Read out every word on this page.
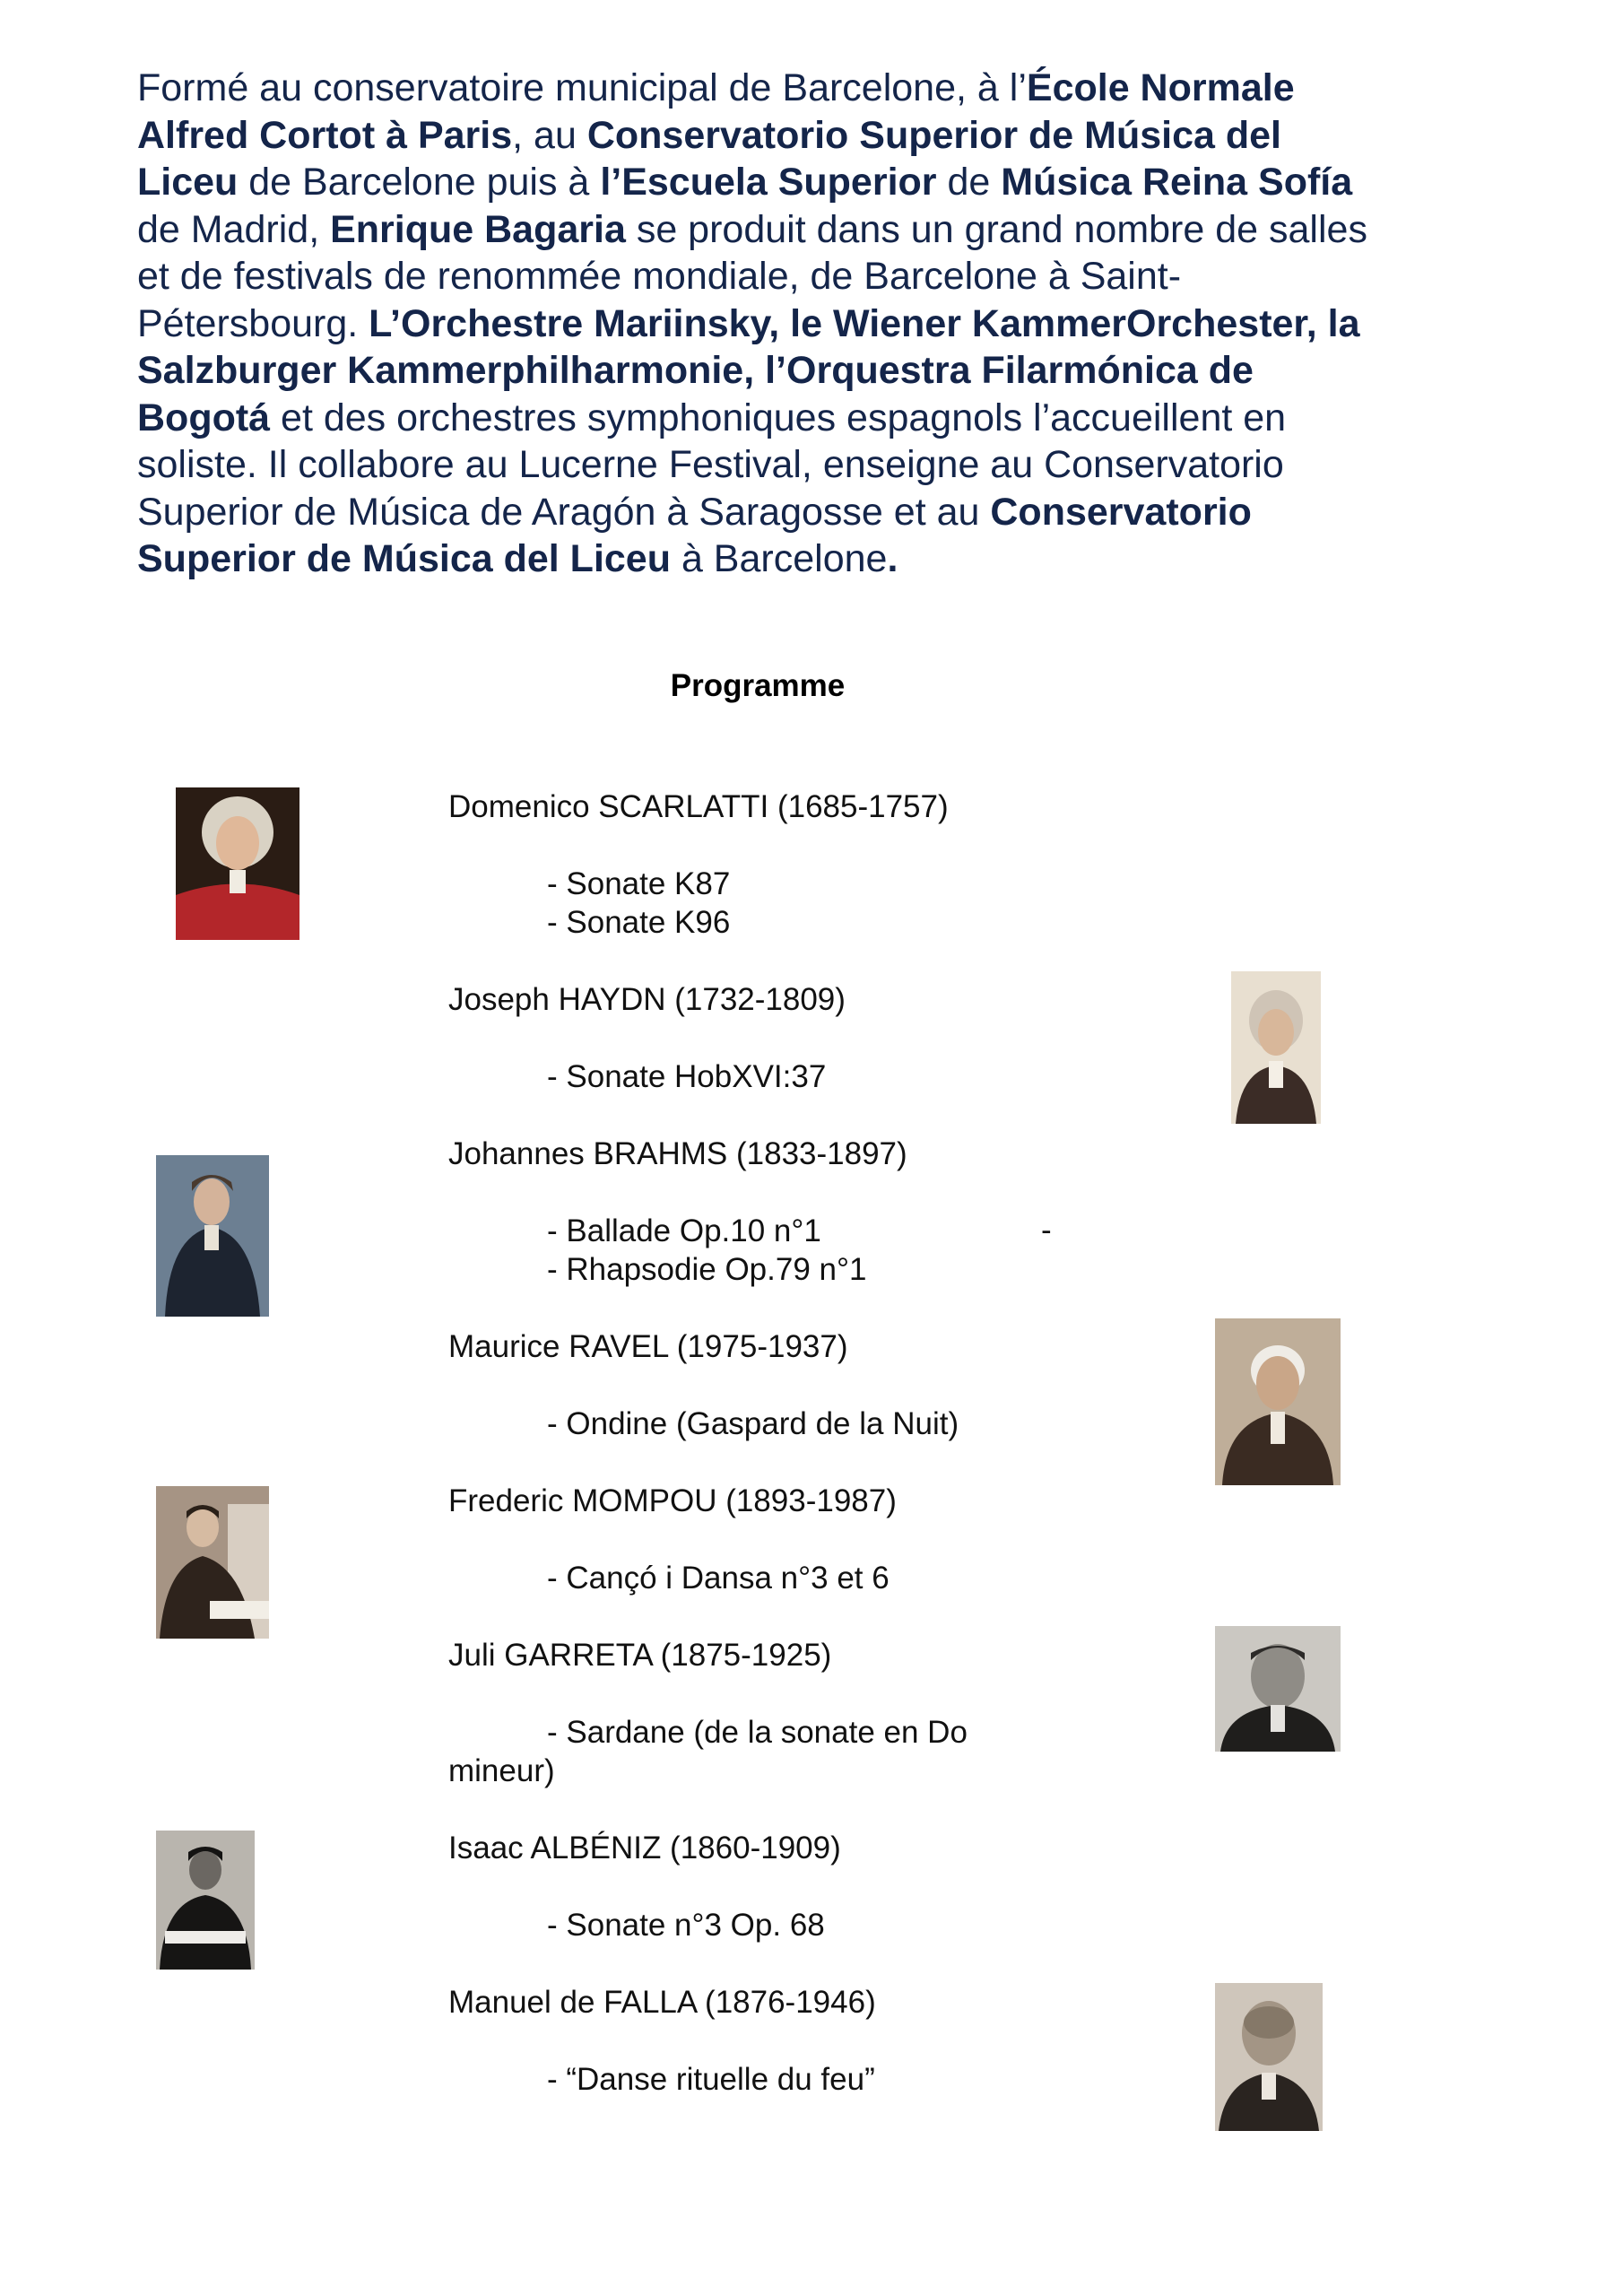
Formé au conservatoire municipal de Barcelone, à l’École Normale Alfred Cortot à Paris, au Conservatorio Superior de Música del Liceu de Barcelone puis à l’Escuela Superior de Música Reina Sofía de Madrid, Enrique Bagaria se produit dans un grand nombre de salles et de festivals de renommée mondiale, de Barcelone à Saint-Pétersbourg. L’Orchestre Mariinsky, le Wiener KammerOrchester, la Salzburger Kammerphilharmonie, l’Orquestra Filarmónica de Bogotá et des orchestres symphoniques espagnols l’accueillent en soliste. Il collabore au Lucerne Festival, enseigne au Conservatorio Superior de Música de Aragón à Saragosse et au Conservatorio Superior de Música del Liceu à Barcelone.

Programme
Domenico SCARLATTI (1685-1757)
- Sonate K87
- Sonate K96
Joseph HAYDN (1732-1809)
- Sonate HobXVI:37
Johannes BRAHMS (1833-1897)
- Ballade Op.10 n°1
- Rhapsodie Op.79 n°1
Maurice RAVEL (1975-1937)
- Ondine (Gaspard de la Nuit)
Frederic MOMPOU (1893-1987)
- Cançó i Dansa n°3 et 6
Juli GARRETA (1875-1925)
- Sardane (de la sonate en Do
mineur)
Isaac ALBÉNIZ (1860-1909)
- Sonate n°3 Op. 68
Manuel de FALLA (1876-1946)
- “Danse rituelle du feu”
-
